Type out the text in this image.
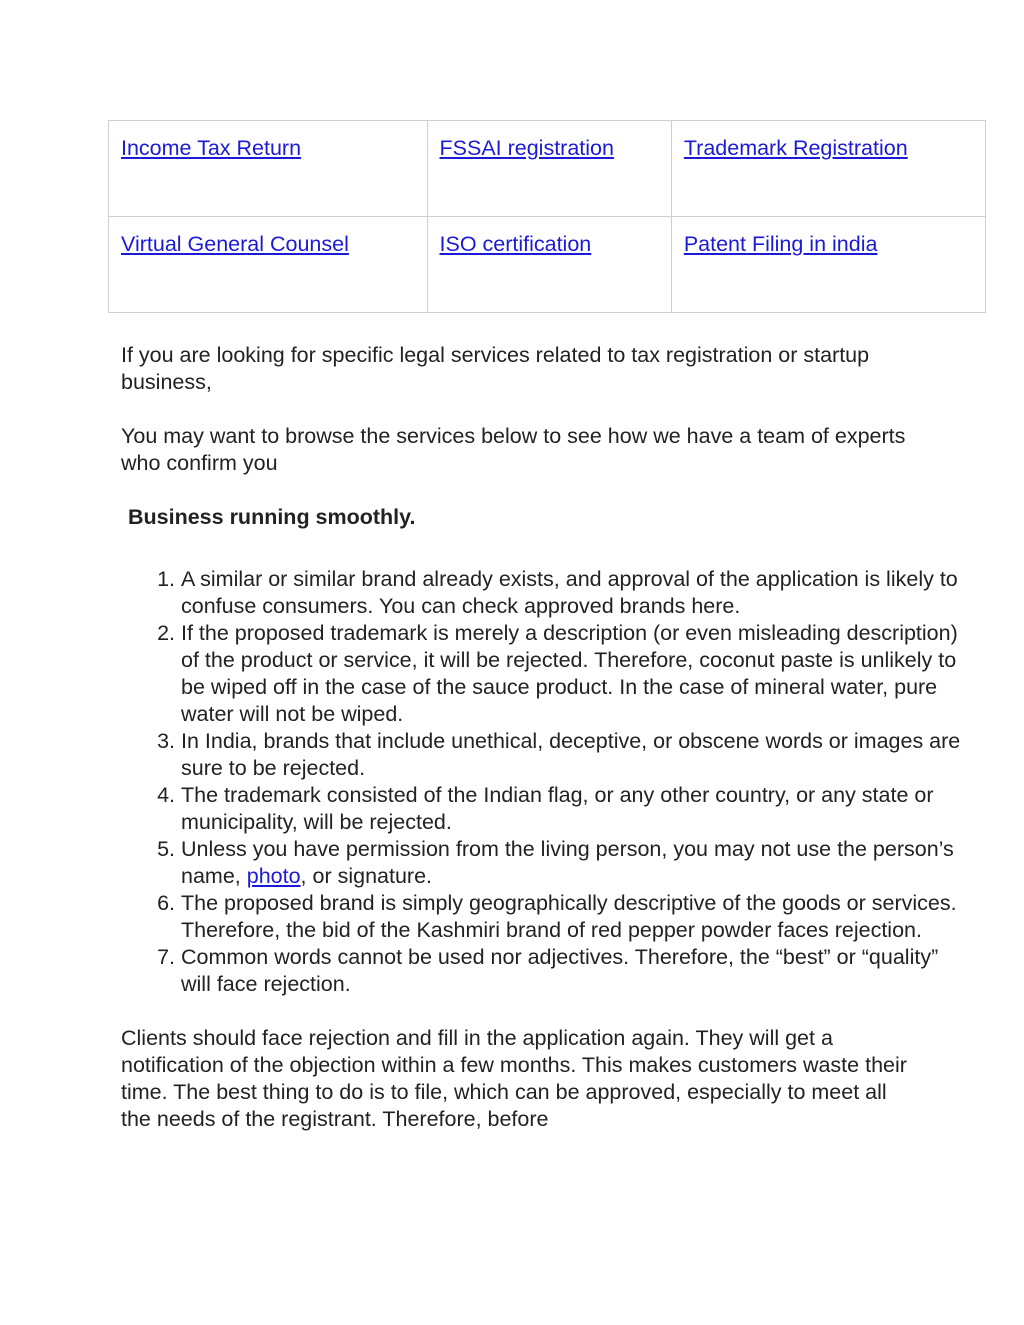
Income Tax Return	FSSAI registration	Trademark Registration
Virtual General Counsel	ISO certification	Patent Filing in india

If you are looking for specific legal services related to tax registration or startup business,

You may want to browse the services below to see how we have a team of experts who confirm you

Business running smoothly.

1. A similar or similar brand already exists, and approval of the application is likely to confuse consumers. You can check approved brands here.
2. If the proposed trademark is merely a description (or even misleading description) of the product or service, it will be rejected. Therefore, coconut paste is unlikely to be wiped off in the case of the sauce product. In the case of mineral water, pure water will not be wiped.
3. In India, brands that include unethical, deceptive, or obscene words or images are sure to be rejected.
4. The trademark consisted of the Indian flag, or any other country, or any state or municipality, will be rejected.
5. Unless you have permission from the living person, you may not use the person’s name, photo, or signature.
6. The proposed brand is simply geographically descriptive of the goods or services. Therefore, the bid of the Kashmiri brand of red pepper powder faces rejection.
7. Common words cannot be used nor adjectives. Therefore, the “best” or “quality” will face rejection.

Clients should face rejection and fill in the application again. They will get a notification of the objection within a few months. This makes customers waste their time. The best thing to do is to file, which can be approved, especially to meet all the needs of the registrant. Therefore, before
